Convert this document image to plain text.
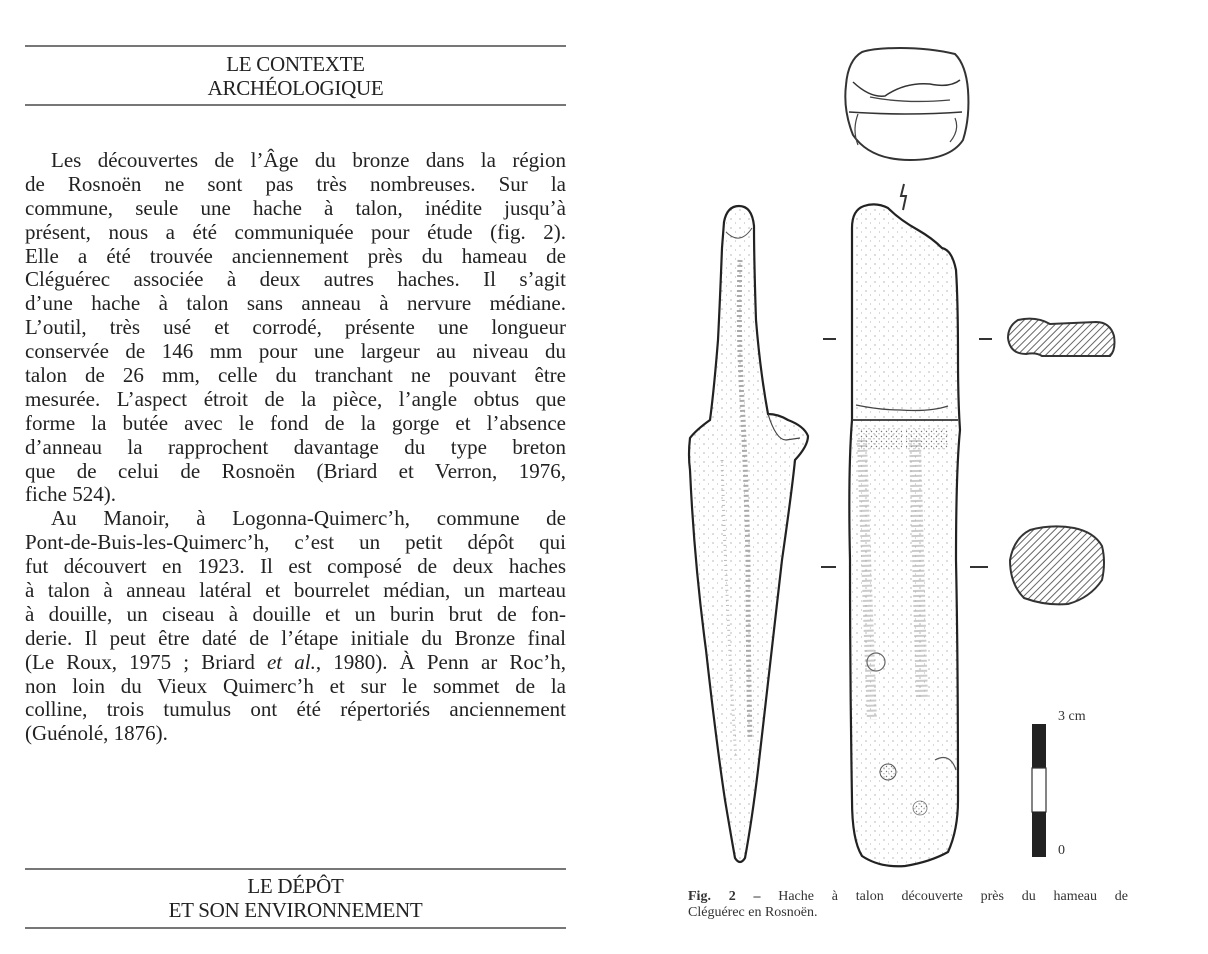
LE CONTEXTE
ARCHÉOLOGIQUE
Les découvertes de l’Âge du bronze dans la région
de Rosnoën ne sont pas très nombreuses. Sur la
commune, seule une hache à talon, inédite jusqu’à
présent, nous a été communiquée pour étude (fig. 2).
Elle a été trouvée anciennement près du hameau de
Cléguérec associée à deux autres haches. Il s’agit
d’une hache à talon sans anneau à nervure médiane.
L’outil, très usé et corrodé, présente une longueur
conservée de 146 mm pour une largeur au niveau du
talon de 26 mm, celle du tranchant ne pouvant être
mesurée. L’aspect étroit de la pièce, l’angle obtus que
forme la butée avec le fond de la gorge et l’absence
d’anneau la rapprochent davantage du type breton
que de celui de Rosnoën (Briard et Verron, 1976,
fiche 524).
Au Manoir, à Logonna-Quimerc’h, commune de
Pont-de-Buis-les-Quimerc’h, c’est un petit dépôt qui
fut découvert en 1923. Il est composé de deux haches
à talon à anneau latéral et bourrelet médian, un marteau
à douille, un ciseau à douille et un burin brut de fon-
derie. Il peut être daté de l’étape initiale du Bronze final
(Le Roux, 1975 ; Briard et al., 1980). À Penn ar Roc’h,
non loin du Vieux Quimerc’h et sur le sommet de la
colline, trois tumulus ont été répertoriés anciennement
(Guénolé, 1876).
LE DÉPÔT
ET SON ENVIRONNEMENT
3 cm
0
Fig. 2 – Hache à talon découverte près du hameau de
Cléguérec en Rosnoën.
